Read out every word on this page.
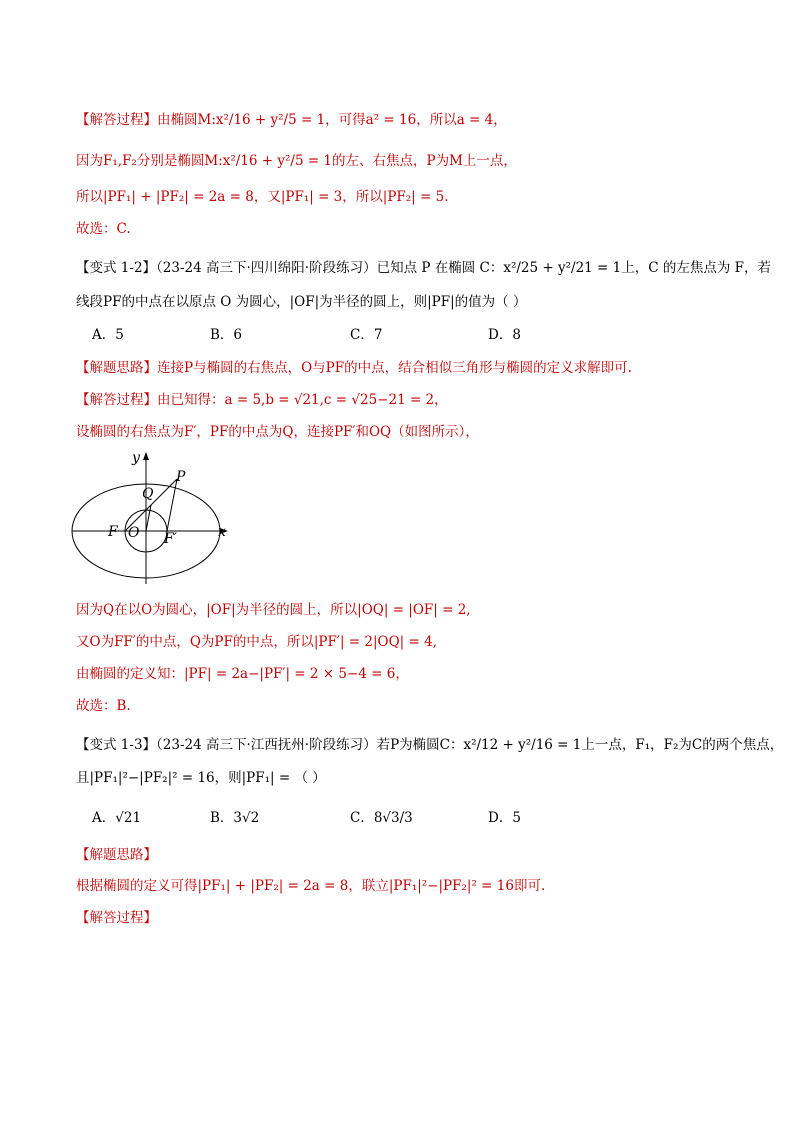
【解答过程】由椭圆M:x²/16 + y²/5 = 1，可得a² = 16，所以a = 4，
因为F₁,F₂分别是椭圆M:x²/16 + y²/5 = 1的左、右焦点，P为M上一点，
所以|PF₁| + |PF₂| = 2a = 8，又|PF₁| = 3，所以|PF₂| = 5.
故选：C.
【变式 1-2】（23-24 高三下·四川绵阳·阶段练习）已知点 P 在椭圆 C：x²/25 + y²/21 = 1上，C 的左焦点为 F，若
线段PF的中点在以原点 O 为圆心，|OF|为半径的圆上，则|PF|的值为（ ）
A．5	B．6	C．7	D．8
【解题思路】连接P与椭圆的右焦点，O与PF的中点，结合相似三角形与椭圆的定义求解即可.
【解答过程】由已知得：a = 5,b = √21,c = √25−21 = 2，
设椭圆的右焦点为F′，PF的中点为Q，连接PF′和OQ（如图所示），
y
x
P
Q
F O F′
因为Q在以O为圆心，|OF|为半径的圆上，所以|OQ| = |OF| = 2,
又O为FF′的中点，Q为PF的中点，所以|PF′| = 2|OQ| = 4,
由椭圆的定义知：|PF| = 2a−|PF′| = 2 × 5−4 = 6，
故选：B.
【变式 1-3】（23-24 高三下·江西抚州·阶段练习）若P为椭圆C：x²/12 + y²/16 = 1上一点，F₁，F₂为C的两个焦点，
且|PF₁|²−|PF₂|² = 16，则|PF₁| = （ ）
A．√21	B．3√2	C．8√3/3	D．5
【解题思路】
根据椭圆的定义可得|PF₁| + |PF₂| = 2a = 8，联立|PF₁|²−|PF₂|² = 16即可.
【解答过程】
